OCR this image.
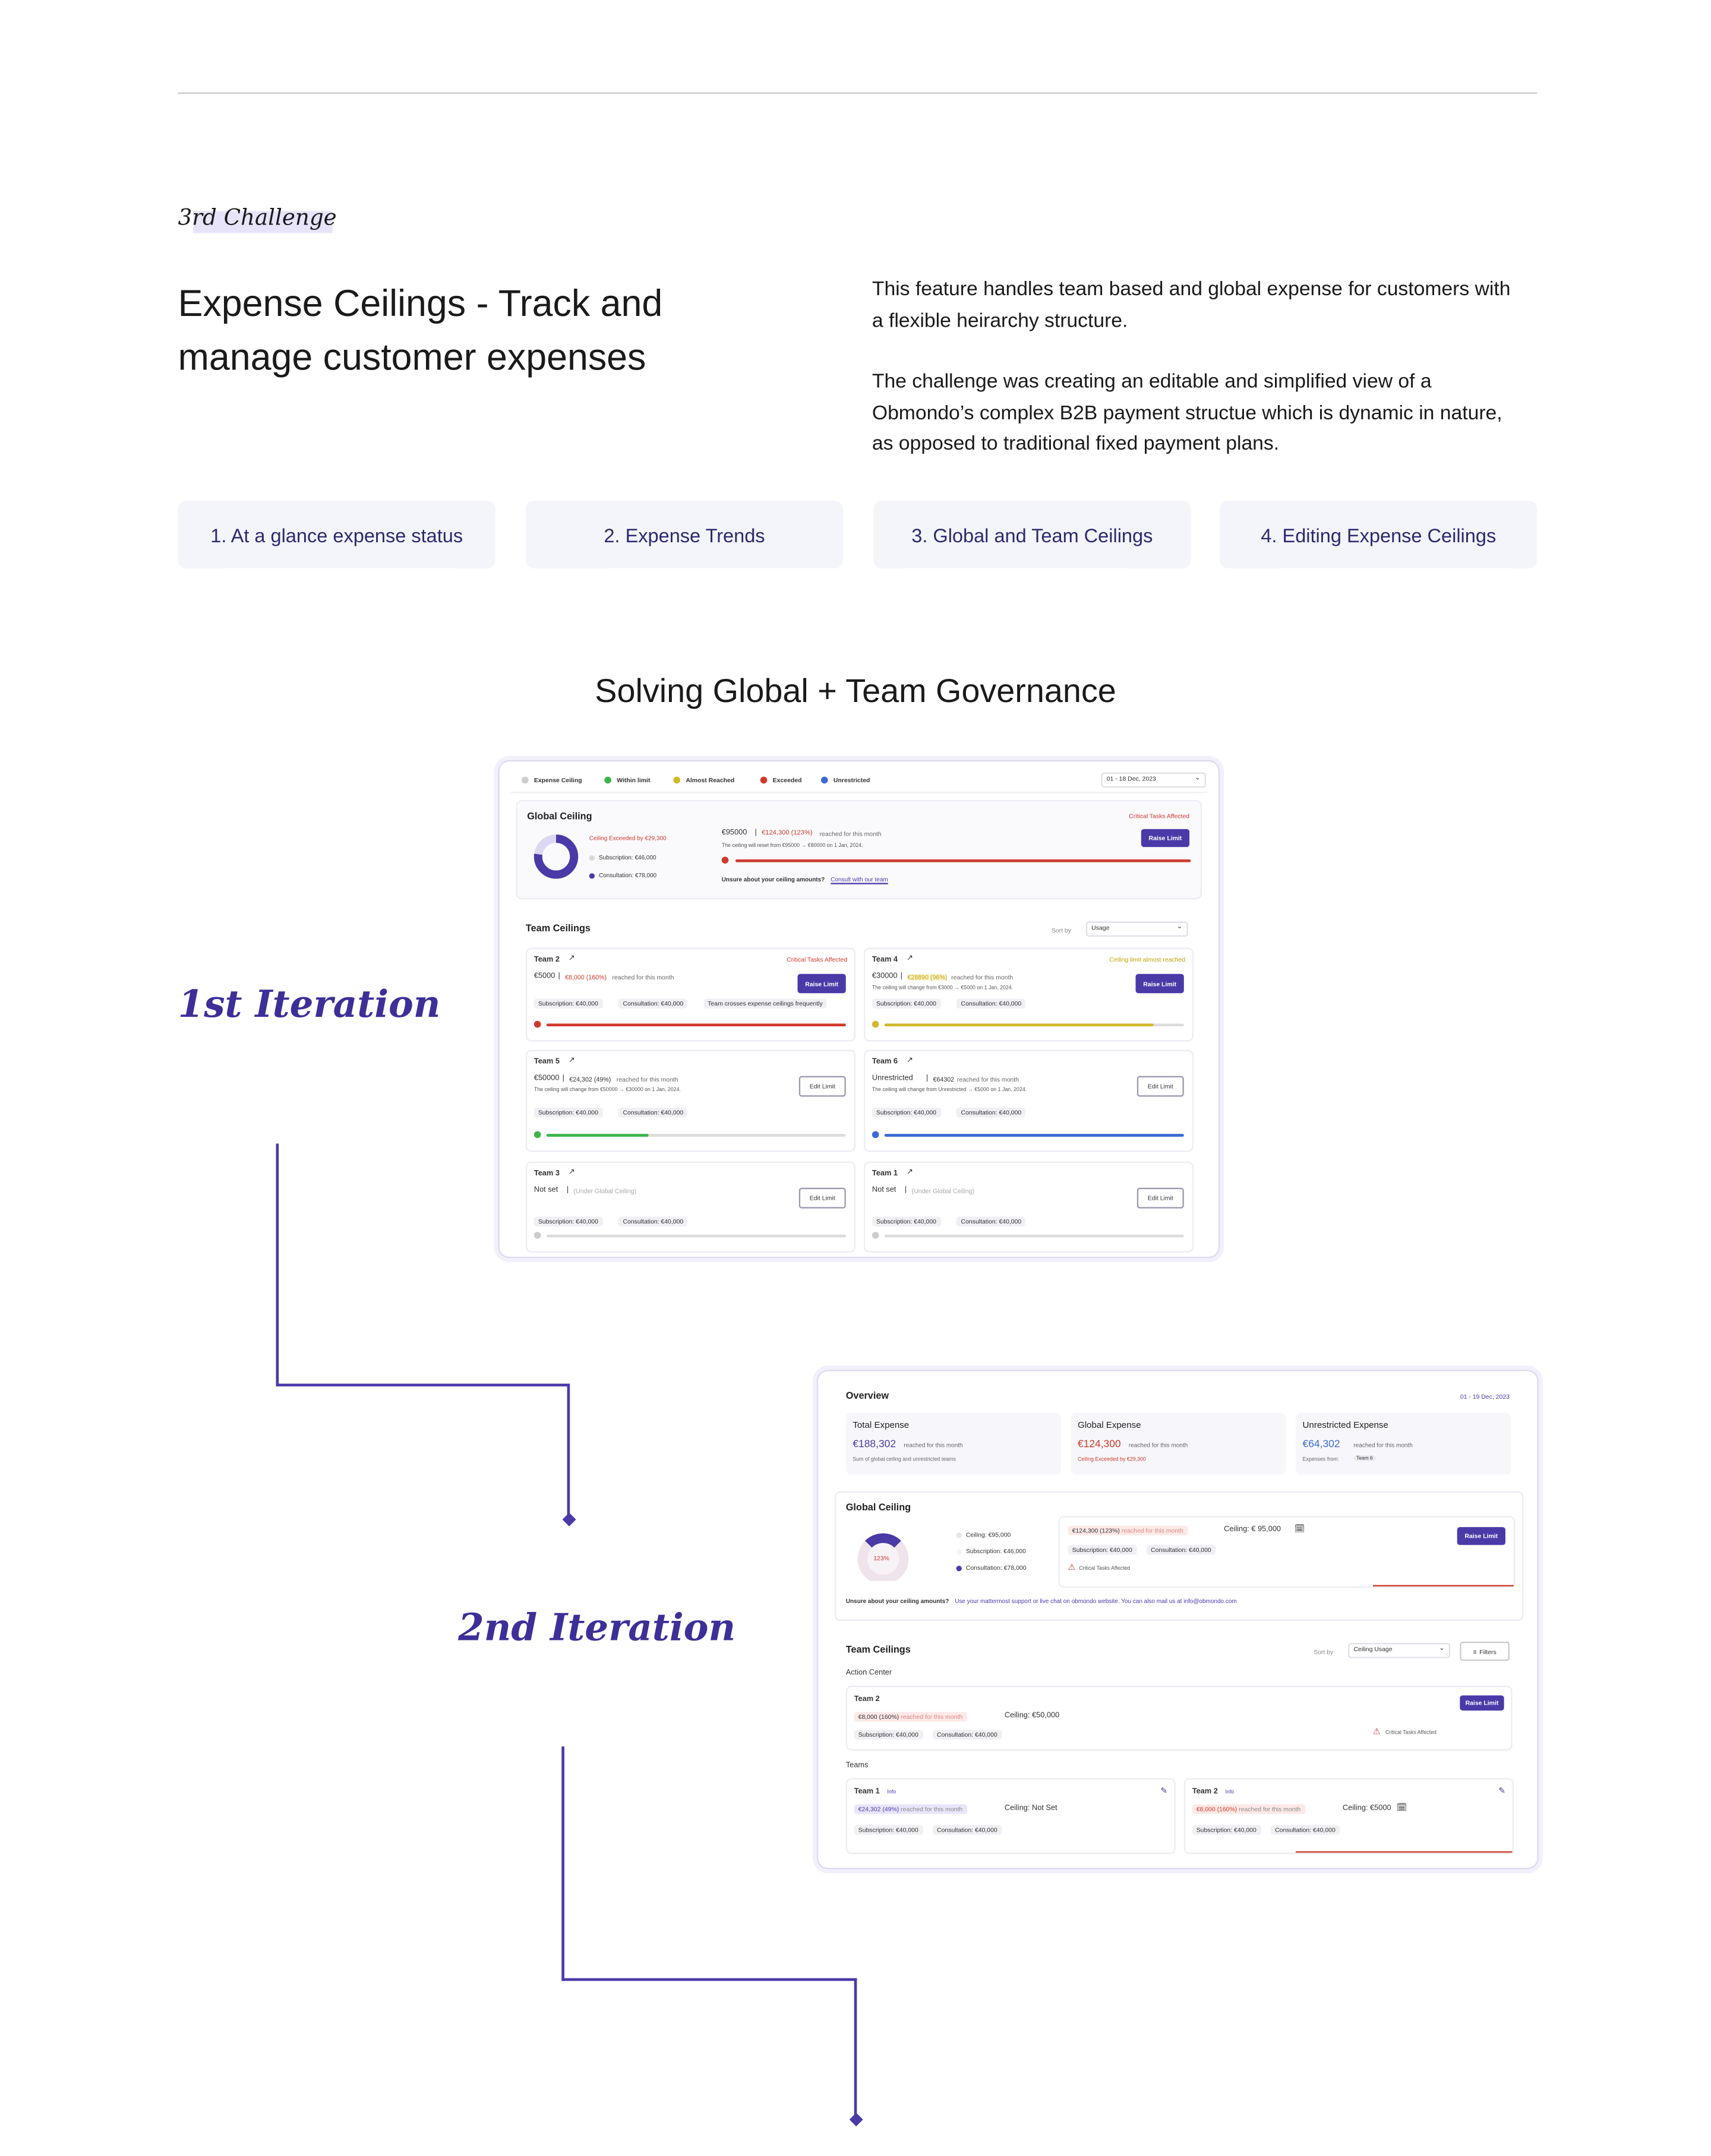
3rd Challenge
Expense Ceilings - Track and
manage customer expenses
This feature handles team based and global expense for customers with a flexible heirarchy structure.
The challenge was creating an editable and simplified view of a Obmondo’s complex B2B payment structue which is dynamic in nature, as opposed to traditional fixed payment plans.
1. At a glance expense status	2. Expense Trends	3. Global and Team Ceilings	4. Editing Expense Ceilings
Solving Global + Team Governance
1st Iteration
2nd Iteration
Expense Ceiling	Within limit	Almost Reached	Exceeded	Unrestricted	01 - 18 Dec, 2023	⌄
Global Ceiling	Critical Tasks Affected
Ceiling Exceeded by €29,300
Subscription: €46,000
Consultation: €78,000
€95000 | €124,300 (123%)	reached for this month
The ceiling will reset from €95000 → €80000 on 1 Jan, 2024.
Raise Limit
Unsure about your ceiling amounts? Consult with our team
Team Ceilings	Sort by	Usage	⌄
Team 2	↗	Critical Tasks Affected
€5000 | €8,000 (160%) reached for this month
Subscription: €40,000	Consultation: €40,000	Team crosses expense ceilings frequently
Raise Limit
Team 4	↗	Ceiling limit almost reached
€30000 | €28890 (96%) reached for this month
The ceiling will change from €3000 → €5000 on 1 Jan, 2024.
Subscription: €40,000	Consultation: €40,000
Raise Limit
Team 5	↗
€50000 | €24,302 (49%) reached for this month
The ceiling will change from €50000 → €30000 on 1 Jan, 2024.
Subscription: €40,000	Consultation: €40,000
Edit Limit
Team 6	↗
Unrestricted	| €64302 reached for this month
The ceiling will change from Unrestricted → €5000 on 1 Jan, 2024.
Subscription: €40,000	Consultation: €40,000
Edit Limit
Team 3	↗
Not set	| (Under Global Ceiling)
Subscription: €40,000	Consultation: €40,000
Edit Limit
Team 1	↗
Not set	| (Under Global Ceiling)
Subscription: €40,000	Consultation: €40,000
Edit Limit
Overview	01 - 19 Dec, 2023
Global Ceiling
123%
Ceiling: €95,000
Subscription: €46,000
Consultation: €78,000
€124,300 (123%) reached for this month	Ceiling: € 95,000	🗓
Subscription: €40,000	Consultation: €40,000
⚠ Critical Tasks Affected
Raise Limit
Unsure about your ceiling amounts? Use your mattermost support or live chat on obmondo website. You can also mail us at info@obmondo.com
Team Ceilings	Sort by	Ceiling Usage	⌄	≡ Filters
Action Center
Team 2
€8,000 (160%) reached for this month	Ceiling: €50,000
Subscription: €40,000	Consultation: €40,000	⚠ Critical Tasks Affected
Raise Limit
Teams
Total Expense
€188,302	reached for this month
Sum of global ceiling and unrestricted teams
Global Expense
€124,300	reached for this month
Ceiling Exceeded by €29,300
Unrestricted Expense
€64,302	reached for this month
Expenses from:	Team 6
Team 1	Info	✎
€24,302 (49%) reached for this month	Ceiling: Not Set
Subscription: €40,000	Consultation: €40,000
Team 2	Info	✎
€8,000 (160%) reached for this month	Ceiling: €5000 🗓
Subscription: €40,000	Consultation: €40,000
